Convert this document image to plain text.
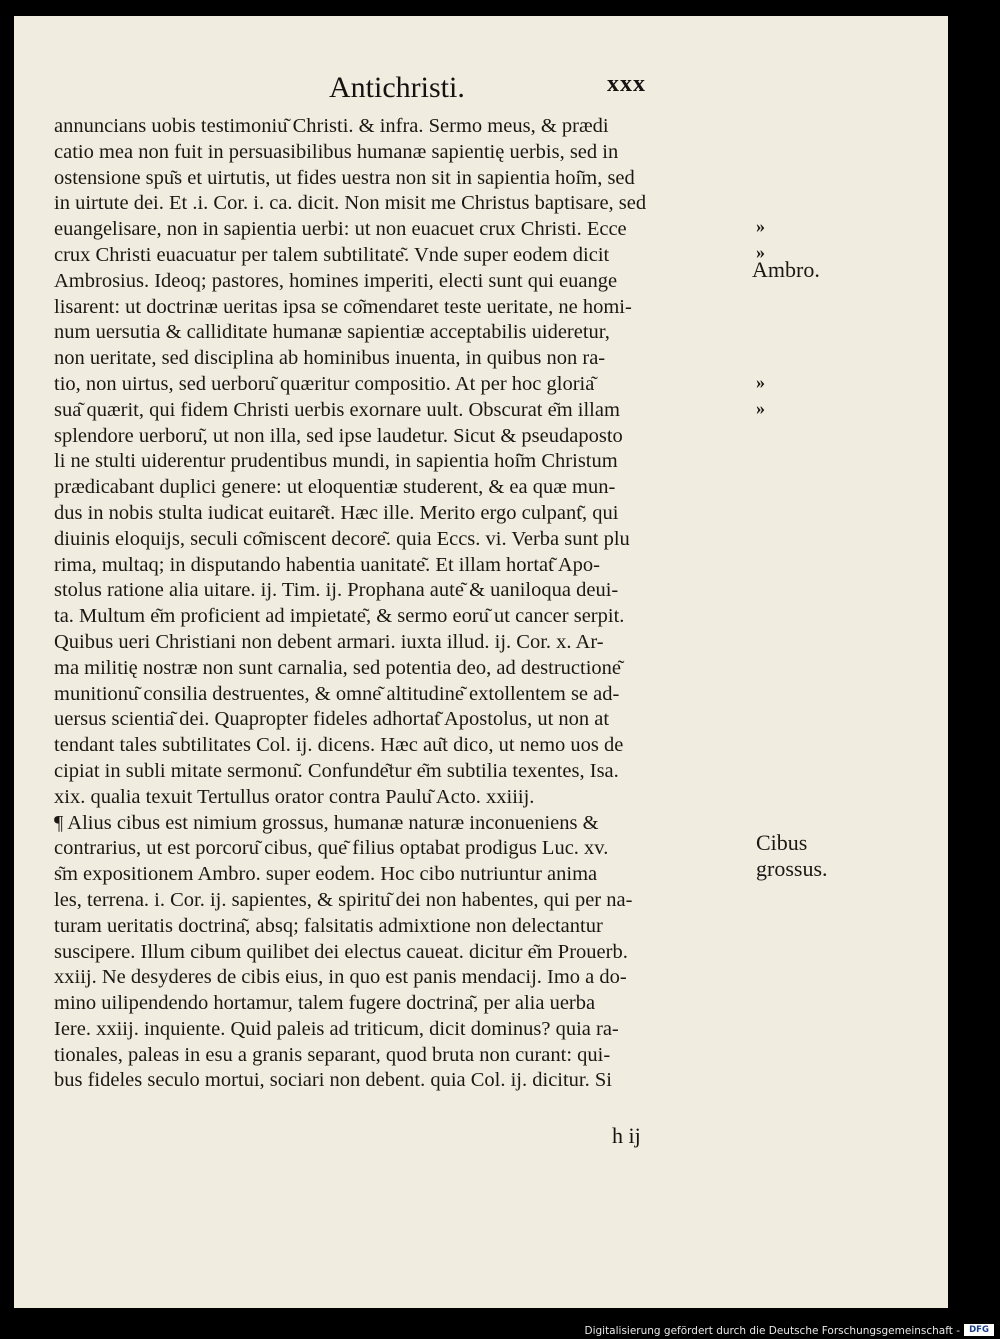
Antichristi.	xxx
annuncians uobis testimoniu͂ Christi. & infra. Sermo meus, & prædi
catio mea non fuit in persuasibilibus humanæ sapientię uerbis, sed in
ostensione spu͂s et uirtutis, ut fides uestra non sit in sapientia hoi͂m, sed
in uirtute dei. Et .i. Cor. i. ca. dicit. Non misit me Christus baptisare, sed
euangelisare, non in sapientia uerbi: ut non euacuet crux Christi. Ecce
crux Christi euacuatur per talem subtilitate͂. Vnde super eodem dicit
Ambrosius. Ideoq; pastores, homines imperiti, electi sunt qui euange
lisarent: ut doctrinæ ueritas ipsa se co͂mendaret teste ueritate, ne homi-
num uersutia & calliditate humanæ sapientiæ acceptabilis uideretur,
non ueritate, sed disciplina ab hominibus inuenta, in quibus non ra-
tio, non uirtus, sed uerboru͂ quæritur compositio. At per hoc gloria͂
sua͂ quærit, qui fidem Christi uerbis exornare uult. Obscurat e͂m illam
splendore uerboru͂, ut non illa, sed ipse laudetur. Sicut & pseudaposto
li ne stulti uiderentur prudentibus mundi, in sapientia hoi͂m Christum
prædicabant duplici genere: ut eloquentiæ studerent, & ea quæ mun-
dus in nobis stulta iudicat euitare͂t. Hæc ille. Merito ergo culpant͂, qui
diuinis eloquijs, seculi co͂miscent decore͂. quia Eccs. vi. Verba sunt plu
rima, multaq; in disputando habentia uanitate͂. Et illam hortat͂ Apo-
stolus ratione alia uitare. ij. Tim. ij. Prophana aute͂ & uaniloqua deui-
ta. Multum e͂m proficient ad impietate͂, & sermo eoru͂ ut cancer serpit.
Quibus ueri Christiani non debent armari. iuxta illud. ij. Cor. x. Ar-
ma militię nostræ non sunt carnalia, sed potentia deo, ad destructione͂
munitionu͂ consilia destruentes, & omne͂ altitudine͂ extollentem se ad-
uersus scientia͂ dei. Quapropter fideles adhortat͂ Apostolus, ut non at
tendant tales subtilitates Col. ij. dicens. Hæc au͂t dico, ut nemo uos de
cipiat in subli mitate sermonu͂. Confunde͂tur e͂m subtilia texentes, Isa.
xix. qualia texuit Tertullus orator contra Paulu͂ Acto. xxiiij.
¶ Alius cibus est nimium grossus, humanæ naturæ inconueniens &
contrarius, ut est porcoru͂ cibus, que͂ filius optabat prodigus Luc. xv.
s͂m expositionem Ambro. super eodem. Hoc cibo nutriuntur anima
les, terrena. i. Cor. ij. sapientes, & spiritu͂ dei non habentes, qui per na-
turam ueritatis doctrina͂, absq; falsitatis admixtione non delectantur
suscipere. Illum cibum quilibet dei electus caueat. dicitur e͂m Prouerb.
xxiij. Ne desyderes de cibis eius, in quo est panis mendacij. Imo a do-
mino uilipendendo hortamur, talem fugere doctrina͂, per alia uerba
Iere. xxiij. inquiente. Quid paleis ad triticum, dicit dominus? quia ra-
tionales, paleas in esu a granis separant, quod bruta non curant: qui-
bus fideles seculo mortui, sociari non debent. quia Col. ij. dicitur. Si
»
»
»
»
Ambro.
Cibus
grossus.
h ij
Digitalisierung gefördert durch die Deutsche Forschungsgemeinschaft -	DFG
